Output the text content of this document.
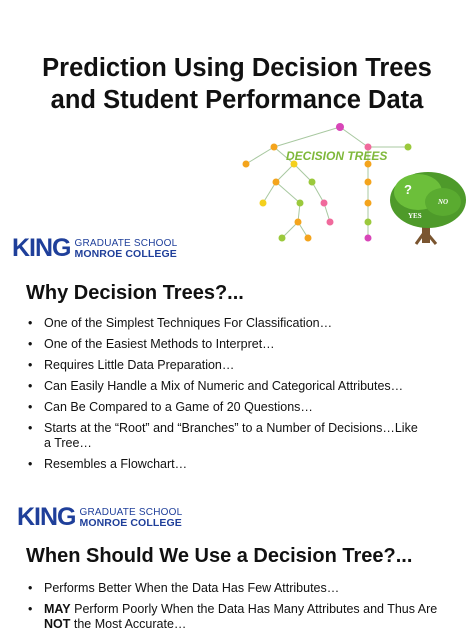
Prediction Using Decision Trees
and Student Performance Data
DECISION TREES
?
NO
YES
KING GRADUATE SCHOOL
MONROE COLLEGE
Why Decision Trees?...
• One of the Simplest Techniques For Classification…
• One of the Easiest Methods to Interpret…
• Requires Little Data Preparation…
• Can Easily Handle a Mix of Numeric and Categorical Attributes…
• Can Be Compared to a Game of 20 Questions…
• Starts at the “Root” and “Branches” to a Number of Decisions…Like a Tree…
• Resembles a Flowchart…
KING GRADUATE SCHOOL
MONROE COLLEGE
When Should We Use a Decision Tree?...
• Performs Better When the Data Has Few Attributes…
• MAY Perform Poorly When the Data Has Many Attributes and Thus Are NOT the Most Accurate…
